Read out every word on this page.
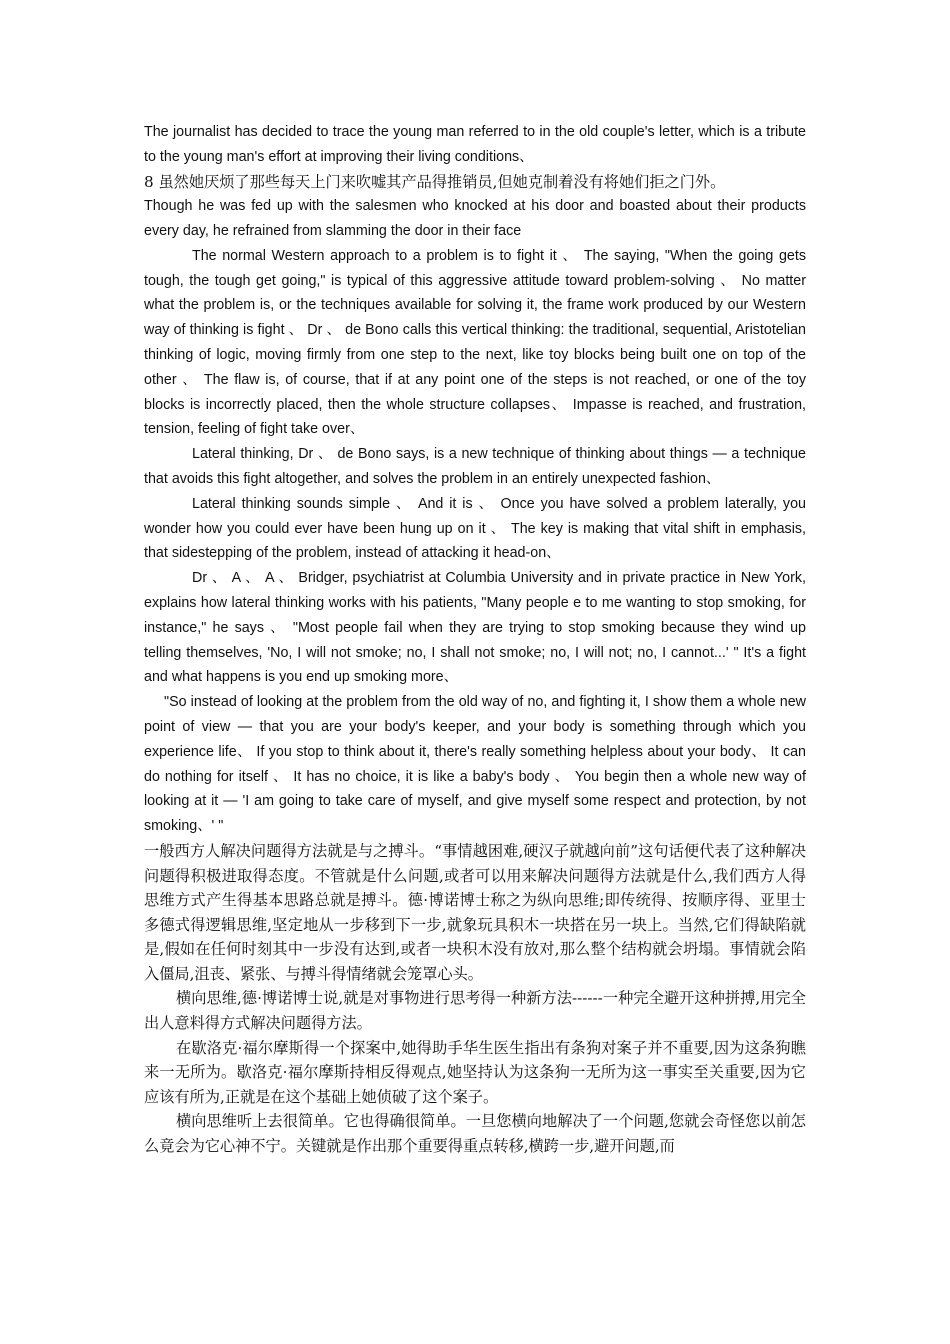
The journalist has decided to trace the young man referred to in the old couple's letter, which is a tribute to the young man's effort at improving their living conditions、

8 虽然她厌烦了那些每天上门来吹嘘其产品得推销员,但她克制着没有将她们拒之门外。

Though he was fed up with the salesmen who knocked at his door and boasted about their products every day, he refrained from slamming the door in their face

The normal Western approach to a problem is to fight it 、 The saying, "When the going gets tough, the tough get going," is typical of this aggressive attitude toward problem-solving 、 No matter what the problem is, or the techniques available for solving it, the frame work produced by our Western way of thinking is fight 、 Dr 、 de Bono calls this vertical thinking: the traditional, sequential, Aristotelian thinking of logic, moving firmly from one step to the next, like toy blocks being built one on top of the other 、 The flaw is, of course, that if at any point one of the steps is not reached, or one of the toy blocks is incorrectly placed, then the whole structure collapses、 Impasse is reached, and frustration, tension, feeling of fight take over、

Lateral thinking, Dr 、 de Bono says, is a new technique of thinking about things — a technique that avoids this fight altogether, and solves the problem in an entirely unexpected fashion、

Lateral thinking sounds simple 、 And it is 、 Once you have solved a problem laterally, you wonder how you could ever have been hung up on it 、 The key is making that vital shift in emphasis, that sidestepping of the problem, instead of attacking it head-on、

Dr 、 A 、 A 、 Bridger, psychiatrist at Columbia University and in private practice in New York, explains how lateral thinking works with his patients, "Many people e to me wanting to stop smoking, for instance," he says 、 "Most people fail when they are trying to stop smoking because they wind up telling themselves, 'No, I will not smoke; no, I shall not smoke; no, I will not; no, I cannot...' " It's a fight and what happens is you end up smoking more、

"So instead of looking at the problem from the old way of no, and fighting it, I show them a whole new point of view — that you are your body's keeper, and your body is something through which you experience life、 If you stop to think about it, there's really something helpless about your body、 It can do nothing for itself 、 It has no choice, it is like a baby's body 、 You begin then a whole new way of looking at it — 'I am going to take care of myself, and give myself some respect and protection, by not smoking、' "

一般西方人解决问题得方法就是与之搏斗。“事情越困难,硬汉子就越向前”这句话便代表了这种解决问题得积极进取得态度。不管就是什么问题,或者可以用来解决问题得方法就是什么,我们西方人得思维方式产生得基本思路总就是搏斗。德·博诺博士称之为纵向思维;即传统得、按顺序得、亚里士多德式得逻辑思维,坚定地从一步移到下一步,就象玩具积木一块搭在另一块上。当然,它们得缺陷就是,假如在任何时刻其中一步没有达到,或者一块积木没有放对,那么整个结构就会坍塌。事情就会陷入僵局,沮丧、紧张、与搏斗得情绪就会笼罩心头。

横向思维,德·博诺博士说,就是对事物进行思考得一种新方法------一种完全避开这种拼搏,用完全出人意料得方式解决问题得方法。

在歇洛克·福尔摩斯得一个探案中,她得助手华生医生指出有条狗对案子并不重要,因为这条狗瞧来一无所为。歇洛克·福尔摩斯持相反得观点,她坚持认为这条狗一无所为这一事实至关重要,因为它应该有所为,正就是在这个基础上她侦破了这个案子。

横向思维听上去很简单。它也得确很简单。一旦您横向地解决了一个问题,您就会奇怪您以前怎么竟会为它心神不宁。关键就是作出那个重要得重点转移,横跨一步,避开问题,而
